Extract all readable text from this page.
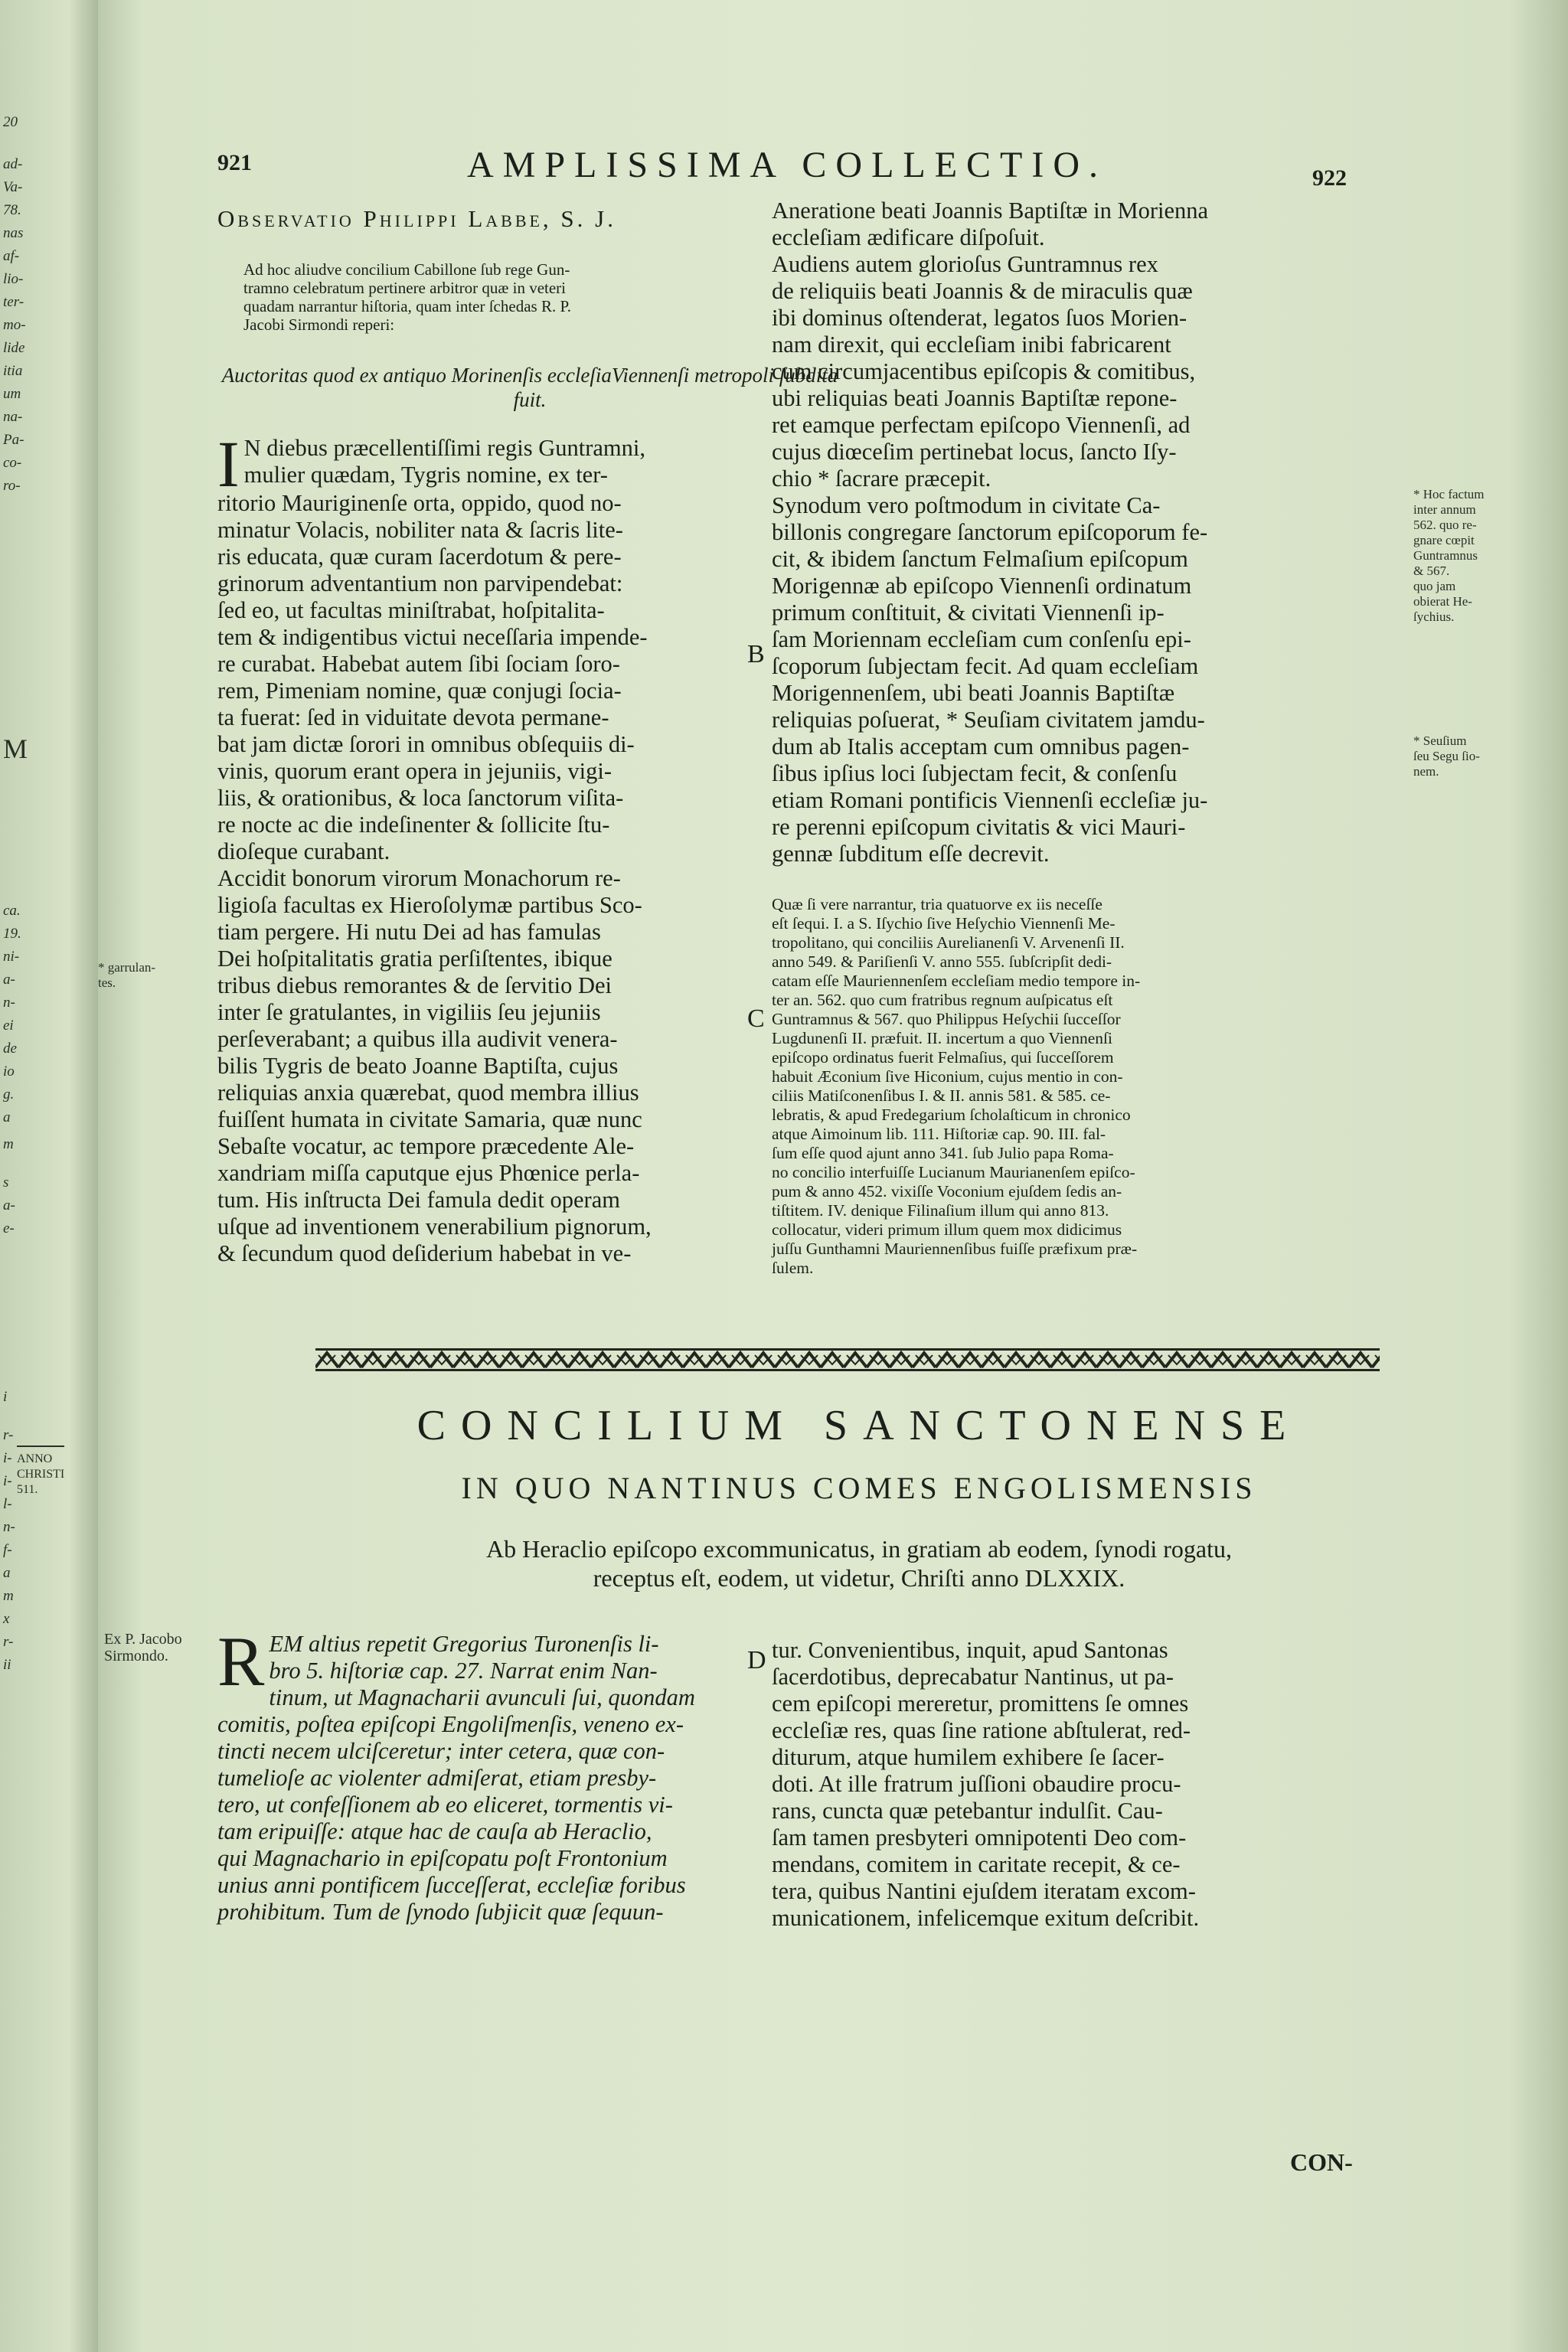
20
ad-
Va-
78.
nas
af-
lio-
ter-
mo-
lide
itia
um
na-
Pa-
co-
ro-
M
ca.
19.
ni-
a-
n-
ei
de
io
g.
a
m
s
a-
e-
i
r-
i-
i-
l-
n-
f-
a
m
x
r-
ii
ANNO
CHRISTI
511.
921	AMPLISSIMA COLLECTIO.	922
Observatio Philippi Labbe, S. J.
Ad hoc aliudve concilium Cabillone ſub rege Gun-
tramno celebratum pertinere arbitror quæ in veteri
quadam narrantur hiſtoria, quam inter ſchedas R. P.
Jacobi Sirmondi reperi:
Auctoritas quod ex antiquo Morinenſis eccleſiaViennenſi metropoli ſubdita fuit.
I N diebus præcellentiſſimi regis Guntramni,
mulier quædam, Tygris nomine, ex ter-
ritorio Mauriginenſe orta, oppido, quod no-
minatur Volacis, nobiliter nata & ſacris lite-
ris educata, quæ curam ſacerdotum & pere-
grinorum adventantium non parvipendebat:
ſed eo, ut facultas miniſtrabat, hoſpitalita-
tem & indigentibus victui neceſſaria impende-
re curabat. Habebat autem ſibi ſociam ſoro-
rem, Pimeniam nomine, quæ conjugi ſocia-
ta fuerat: ſed in viduitate devota permane-
bat jam dictæ ſorori in omnibus obſequiis di-
vinis, quorum erant opera in jejuniis, vigi-
liis, & orationibus, & loca ſanctorum viſita-
re nocte ac die indeſinenter & ſollicite ſtu-
dioſeque curabant.
Accidit bonorum virorum Monachorum re-
ligioſa facultas ex Hieroſolymæ partibus Sco-
tiam pergere. Hi nutu Dei ad has famulas
Dei hoſpitalitatis gratia perſiſtentes, ibique
tribus diebus remorantes & de ſervitio Dei
inter ſe gratulantes, in vigiliis ſeu jejuniis
perſeverabant; a quibus illa audivit venera-
bilis Tygris de beato Joanne Baptiſta, cujus
reliquias anxia quærebat, quod membra illius
fuiſſent humata in civitate Samaria, quæ nunc
Sebaſte vocatur, ac tempore præcedente Ale-
xandriam miſſa caputque ejus Phœnice perla-
tum. His inſtructa Dei famula dedit operam
uſque ad inventionem venerabilium pignorum,
& ſecundum quod deſiderium habebat in ve-
* garrulan-
tes.
B
C
Aneratione beati Joannis Baptiſtæ in Morienna
eccleſiam ædificare diſpoſuit.
Audiens autem glorioſus Guntramnus rex
de reliquiis beati Joannis & de miraculis quæ
ibi dominus oſtenderat, legatos ſuos Morien-
nam direxit, qui eccleſiam inibi fabricarent
cum circumjacentibus epiſcopis & comitibus,
ubi reliquias beati Joannis Baptiſtæ repone-
ret eamque perfectam epiſcopo Viennenſi, ad
cujus diœceſim pertinebat locus, ſancto Iſy-
chio * ſacrare præcepit.
Synodum vero poſtmodum in civitate Ca-
billonis congregare ſanctorum epiſcoporum fe-
cit, & ibidem ſanctum Felmaſium epiſcopum
Morigennæ ab epiſcopo Viennenſi ordinatum
primum conſtituit, & civitati Viennenſi ip-
ſam Moriennam eccleſiam cum conſenſu epi-
ſcoporum ſubjectam fecit. Ad quam eccleſiam
Morigennenſem, ubi beati Joannis Baptiſtæ
reliquias poſuerat, * Seuſiam civitatem jamdu-
dum ab Italis acceptam cum omnibus pagen-
ſibus ipſius loci ſubjectam fecit, & conſenſu
etiam Romani pontificis Viennenſi eccleſiæ ju-
re perenni epiſcopum civitatis & vici Mauri-
gennæ ſubditum eſſe decrevit.
Quæ ſi vere narrantur, tria quatuorve ex iis neceſſe
eſt ſequi. I. a S. Iſychio ſive Heſychio Viennenſi Me-
tropolitano, qui conciliis Aurelianenſi V. Arvenenſi II.
anno 549. & Pariſienſi V. anno 555. ſubſcripſit dedi-
catam eſſe Mauriennenſem eccleſiam medio tempore in-
ter an. 562. quo cum fratribus regnum auſpicatus eſt
Guntramnus & 567. quo Philippus Heſychii ſucceſſor
Lugdunenſi II. præfuit. II. incertum a quo Viennenſi
epiſcopo ordinatus fuerit Felmaſius, qui ſucceſſorem
habuit Æconium ſive Hiconium, cujus mentio in con-
ciliis Matiſconenſibus I. & II. annis 581. & 585. ce-
lebratis, & apud Fredegarium ſcholaſticum in chronico
atque Aimoinum lib. 111. Hiſtoriæ cap. 90. III. fal-
ſum eſſe quod ajunt anno 341. ſub Julio papa Roma-
no concilio interfuiſſe Lucianum Maurianenſem epiſco-
pum & anno 452. vixiſſe Voconium ejuſdem ſedis an-
tiſtitem. IV. denique Filinaſium illum qui anno 813.
collocatur, videri primum illum quem mox didicimus
juſſu Gunthamni Mauriennenſibus fuiſſe præfixum præ-
ſulem.
* Hoc factum
inter annum
562. quo re-
gnare cœpit
Guntramnus
& 567.
quo jam
obierat He-
ſychius.
* Seuſium
ſeu Segu ſio-
nem.
CONCILIUM SANCTONENSE
IN QUO NANTINUS COMES ENGOLISMENSIS
Ab Heraclio epiſcopo excommunicatus, in gratiam ab eodem, ſynodi rogatu,
receptus eſt, eodem, ut videtur, Chriſti anno DLXXIX.
Ex P. Jacobo
Sirmondo.	D
R EM altius repetit Gregorius Turonenſis li-
bro 5. hiſtoriæ cap. 27. Narrat enim Nan-
tinum, ut Magnacharii avunculi ſui, quondam
comitis, poſtea epiſcopi Engoliſmenſis, veneno ex-
tincti necem ulciſceretur; inter cetera, quæ con-
tumelioſe ac violenter admiſerat, etiam presby-
tero, ut confeſſionem ab eo eliceret, tormentis vi-
tam eripuiſſe: atque hac de cauſa ab Heraclio,
qui Magnachario in epiſcopatu poſt Frontonium
unius anni pontificem ſucceſſerat, eccleſiæ foribus
prohibitum. Tum de ſynodo ſubjicit quæ ſequun-
tur. Convenientibus, inquit, apud Santonas
ſacerdotibus, deprecabatur Nantinus, ut pa-
cem epiſcopi mereretur, promittens ſe omnes
eccleſiæ res, quas ſine ratione abſtulerat, red-
diturum, atque humilem exhibere ſe ſacer-
doti. At ille fratrum juſſioni obaudire procu-
rans, cuncta quæ petebantur indulſit. Cau-
ſam tamen presbyteri omnipotenti Deo com-
mendans, comitem in caritate recepit, & ce-
tera, quibus Nantini ejuſdem iteratam excom-
municationem, infelicemque exitum deſcribit.
CON-
